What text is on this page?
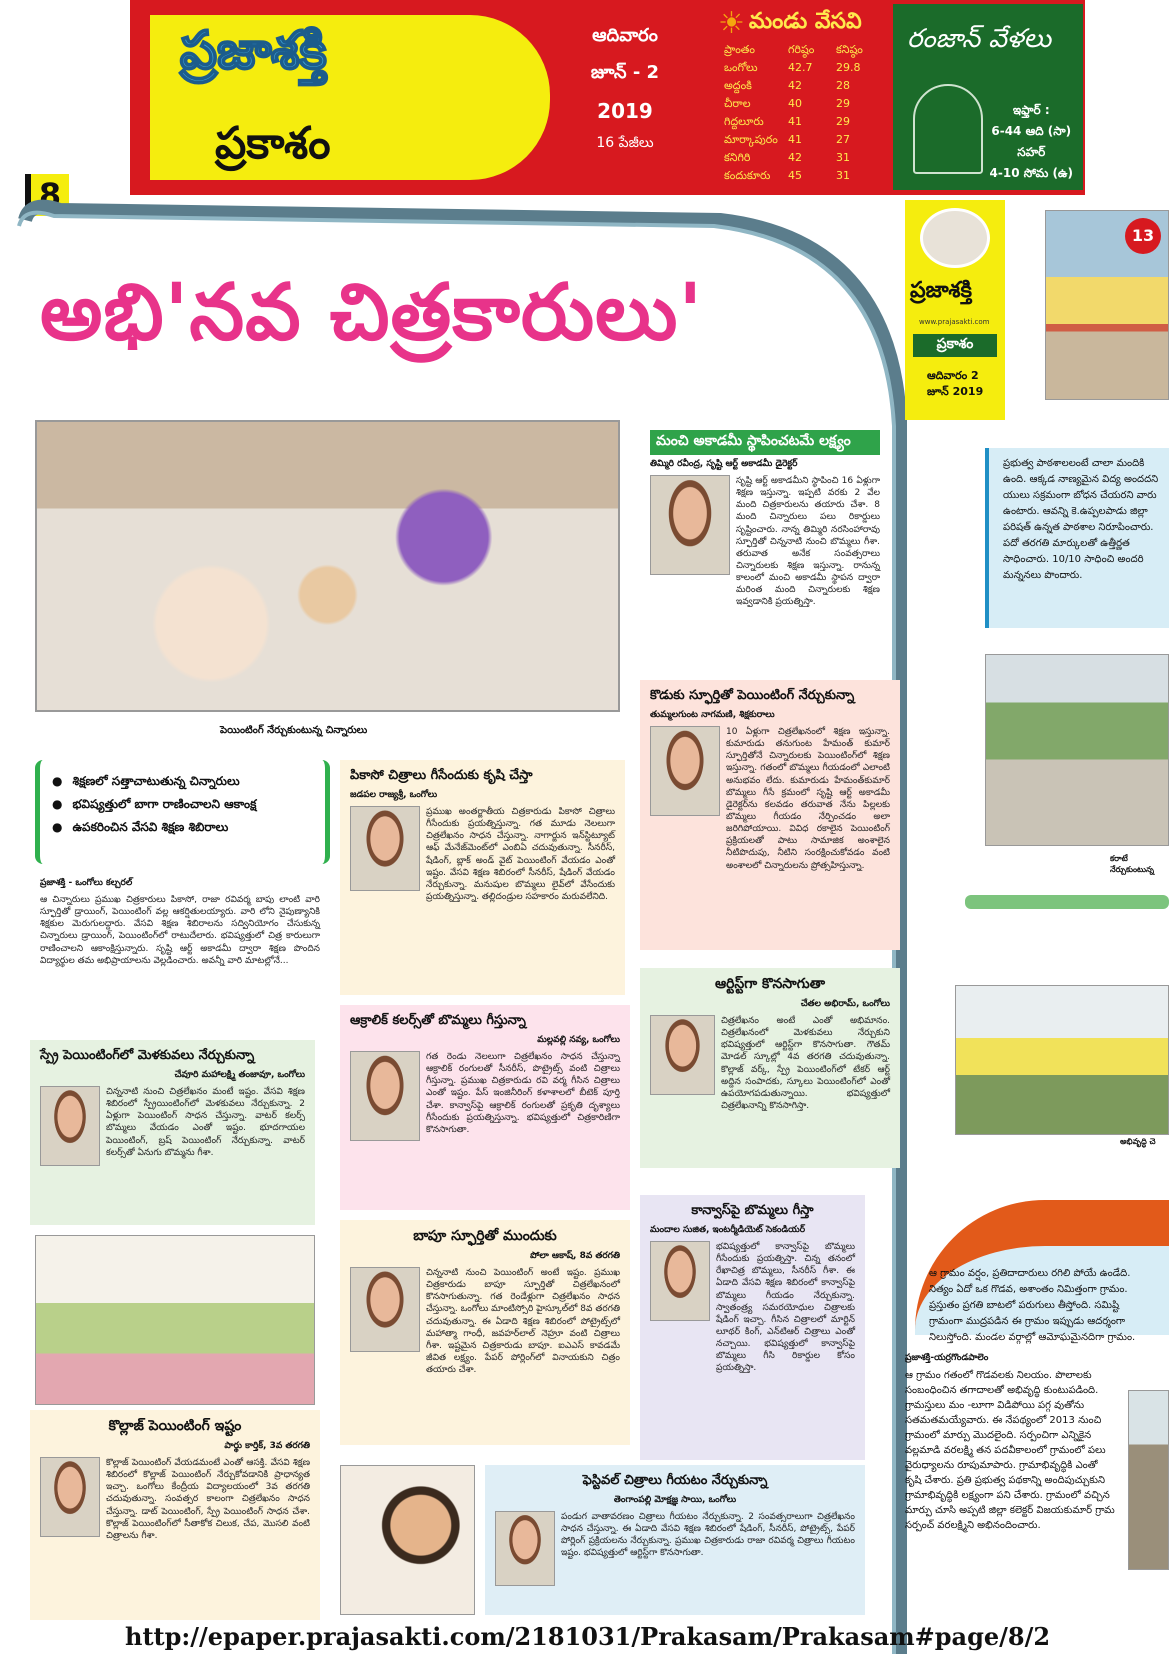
ప్రజాశక్తి
ప్రకాశం
ఆదివారం
జూన్ - 2
2019
16 పేజీలు
☀ మండు వేసవి
ప్రాంతం	గరిష్ఠం	కనిష్ఠం
ఒంగోలు	42.7	29.8
అద్దంకి	42	28
చీరాల	40	29
గిద్దలూరు	41	29
మార్కాపురం 41	27
కనిగిరి	42	31
కందుకూరు	45	31
రంజాన్ వేళలు
ఇఫ్తార్ :
6-44 ఆది (సా)
సహర్
4-10 సోమ (ఉ)
8
అభి'నవ చిత్రకారులు'	ప్రజాశక్తి
www.prajasakti.com
ప్రకాశం
ఆదివారం 2
జూన్ 2019
13
ప్రభుత్వ పాఠశాలలంటే చాలా మందికి ఉంది. ఆక్కడ నాణ్యమైన విద్య అందదని యులు సక్రమంగా బోధన చేయరని వారు ఉంటారు. ఆవన్ని కె.ఉప్పలపాడు జిల్లా పరిషత్ ఉన్నత పాఠశాల నిరూపించారు. పదో తరగతి మార్కులతో ఉత్తీర్ణత సాధించారు. 10/10 సాధించి అందరి మన్ననలు పొందారు.
కరాటే నేర్చుకుంటున్న
అభివృద్ధి చె
ఆ గ్రామం వర్షం, ప్రతిదాదారులు రగిలి పోయే ఉండేది. నిత్యం ఏదో ఒక గొడవ, అశాంతం నిమిత్తంగా గ్రామం. ప్రస్తుతం ప్రగతి బాటలో పరుగులు తీస్తోంది. సమిష్టి గ్రామంగా ముద్రపడిన ఈ గ్రామం ఇప్పుడు ఆదర్శంగా నిలుస్తోంది. మండల వర్గాల్లో ఆమోఘమైనదిగా గ్రామం.
ప్రజాశక్తి-యర్రగొండపాలెం
ఆ గ్రామం గతంలో గొడవలకు నిలయం. పొలాలకు సంబంధించిన తగాదాలతో అభివృద్ధి కుంటుపడింది. గ్రామస్తులు మం -లూగా విడిపోయి పగ్గ వుతోను సతమతమయ్యేవారు. ఈ నేపథ్యంలో 2013 నుంచి గ్రామంలో మార్పు మొదలైంది. సర్పంచిగా ఎన్నికైన వల్లమాడి వరలక్ష్మి తన పదవీకాలంలో గ్రామంలో పలు వైరుధ్యాలను రూపుమాపారు. గ్రామాభివృద్ధికి ఎంతో కృషి చేశారు. ప్రతి ప్రభుత్వ పథకాన్ని అందిపుచ్చుకుని గ్రామాభివృద్ధికి లక్ష్యంగా పని చేశారు. గ్రామంలో వచ్చిన మార్పు చూసి అప్పటి జిల్లా కలెక్టర్ విజయకుమార్ గ్రామ సర్పంచ్ వరలక్ష్మిని అభినందించారు.
పెయింటింగ్ నేర్చుకుంటున్న చిన్నారులు
మంచి అకాడమీ స్థాపించటమే లక్ష్యం
తిమ్మిరి రవీంద్ర, సృష్టి ఆర్ట్ అకాడమీ డైరెక్టర్
సృష్టి ఆర్ట్ అకాడమీని స్థాపించి 16 ఏళ్లుగా శిక్షణ ఇస్తున్నా. ఇప్పటి వరకు 2 వేల మంది చిత్రకారులను తయారు చేశా. 8 మంది చిన్నారులు పలు రికార్డులు సృష్టించారు. నాన్న తిమ్మిరి నరసింహారావు స్ఫూర్తితో చిన్ననాటి నుంచి బొమ్మలు గీశా. తరువాత అనేక సంవత్సరాలు చిన్నారులకు శిక్షణ ఇస్తున్నా. రానున్న కాలంలో మంచి అకాడమీ స్థాపన ద్వారా మరింత మంది చిన్నారులకు శిక్షణ ఇవ్వడానికి ప్రయత్నిస్తా.
కొడుకు స్ఫూర్తితో పెయింటింగ్ నేర్చుకున్నా
తుమ్మలగుంట నాగమణి, శిక్షకురాలు
10 ఏళ్లుగా చిత్రలేఖనంలో శిక్షణ ఇస్తున్నా. కుమారుడు తనుగుంట హేమంత్ కుమార్ స్ఫూర్తితోనే చిన్నారులకు పెయింటింగ్‌లో శిక్షణ ఇస్తున్నా. గతంలో బొమ్మలు గీయడంలో ఎలాంటి అనుభవం లేదు. కుమారుడు హేమంత్‌కుమార్ బొమ్మలు గీసే క్రమంలో సృష్టి ఆర్ట్ అకాడమీ డైరెక్టర్‌ను కలవడం తరువాత నేను పిల్లలకు బొమ్మలు గీయడం నేర్పించడం అలా జరిగిపోయాయి. వివిధ రకాలైన పెయింటింగ్ ప్రక్రియలతో పాటు సామాజిక అంశాలైన నీటిపొదుపు, నీటిని సంరక్షించుకోవడం వంటి అంశాలలో చిన్నారులను ప్రోత్సహిస్తున్నా.
● శిక్షణలో సత్తాచాటుతున్న చిన్నారులు
● భవిష్యత్తులో బాగా రాణించాలని ఆకాంక్ష
● ఉపకరించిన వేసవి శిక్షణ శిబిరాలు
ప్రజాశక్తి - ఒంగోలు కల్చరల్
ఆ చిన్నారులు ప్రముఖ చిత్రకారులు పికాసో, రాజా రవివర్మ బాపు లాంటి వారి స్ఫూర్తితో డ్రాయింగ్, పెయింటింగ్ వల్ల ఆకర్షితులయ్యారు. వారి లోని నైపుణ్యానికి శిక్షకుల మెరుగులద్దారు. వేసవి శిక్షణ శిబిరాలను సద్వినియోగం చేసుకున్న చిన్నారులు డ్రాయింగ్, పెయింటింగ్‌లో రాటుదేలారు. భవిష్యత్తులో చిత్ర కారులుగా రాణించాలని ఆకాంక్షిస్తున్నారు. సృష్టి ఆర్ట్ అకాడమీ ద్వారా శిక్షణ పొందిన విద్యార్థుల తమ అభిప్రాయాలను వెల్లడించారు. అవన్నీ వారి మాటల్లోనే...
పికాసో చిత్రాలు గీసేందుకు కృషి చేస్తా
జడపల రాజ్యశ్రీ, ఒంగోలు
ప్రముఖ అంతర్జాతీయ చిత్రకారుడు పికాసో చిత్రాలు గీసేందుకు ప్రయత్నిస్తున్నా. గత మూడు నెలలుగా చిత్రలేఖనం సాధన చేస్తున్నా. నాగార్జున ఇన్‌స్టిట్యూట్ ఆఫ్ మేనేజ్‌మెంట్‌లో ఎంబిఏ చదువుతున్నా. సీనరీస్, షేడింగ్, బ్లాక్ అండ్ వైట్ పెయింటింగ్ వేయడం ఎంతో ఇష్టం. వేసవి శిక్షణ శిబిరంలో సీనరీస్, షేడింగ్ వేయడం నేర్చుకున్నా. మనుషుల బొమ్మలు లైవ్‌లో వేసేందుకు ప్రయత్నిస్తున్నా. తల్లిదండ్రుల సహకారం మరువలేనిది.
ఆర్టిస్ట్‌గా కొనసాగుతా
చేతల అభిరామ్, ఒంగోలు
చిత్రలేఖనం అంటే ఎంతో అభిమానం. చిత్రలేఖనంలో మెళకువలు నేర్చుకుని భవిష్యత్తులో ఆర్టిస్ట్‌గా కొనసాగుతా. గౌతమ్ మోడల్ స్కూల్లో 4వ తరగతి చదువుతున్నా. కొల్లాజ్ వర్క్, స్ప్రే పెయింటింగ్‌లో టేకర్ ఆర్ట్ అద్దిన సంపాదకు, స్కూలు పెయింటింగ్‌లో ఎంతో ఉపయోగపడుతున్నాయి. భవిష్యత్తులో చిత్రలేఖనాన్ని కొనసాగిస్తా.
ఆక్రాలిక్ కలర్స్‌తో బొమ్మలు గీస్తున్నా
మల్లవల్లి నవ్య, ఒంగోలు
గత రెండు నెలలుగా చిత్రలేఖనం సాధన చేస్తున్నా ఆక్రాలిక్ రంగులతో సీనరీస్, పొట్రైట్స్ వంటి చిత్రాలు గీస్తున్నా. ప్రముఖ చిత్రకారుడు రవి వర్మ గీసిన చిత్రాలు ఎంతో ఇష్టం. పేస్ ఇంజినీరింగ్ కళాశాలలో బీటెక్ పూర్తి చేశా. కాన్వాస్‌పై ఆక్రాలిక్ రంగులతో ప్రకృతి దృశ్యాలు గీసేందుకు ప్రయత్నిస్తున్నా. భవిష్యత్తులో చిత్రకారిణిగా కొనసాగుతా.
స్ప్రే పెయింటింగ్‌లో మెళకువలు నేర్చుకున్నా
చేవూరి మహాలక్ష్మి తంజావూ, ఒంగోలు
చిన్ననాటి నుంచి చిత్రలేఖనం మంటే ఇష్టం. వేసవి శిక్షణ శిబిరంలో స్ప్రేయింటింగ్‌లో మెళకువలు నేర్చుకున్నా. 2 ఏళ్లుగా పెయింటింగ్ సాధన చేస్తున్నా. వాటర్ కలర్స్ బొమ్మలు వేయడం ఎంతో ఇష్టం. భూదగాయల పెయింటింగ్, బ్రష్ పెయింటింగ్ నేర్చుకున్నా. వాటర్ కలర్స్‌తో ఏనుగు బొమ్మను గీశా.
బాపూ స్ఫూర్తితో ముందుకు
పోలా ఆకాష్, 8వ తరగతి
చిన్ననాటి నుంచి పెయింటింగ్ అంటే ఇష్టం. ప్రముఖ చిత్రకారుడు బాపూ స్ఫూర్తితో చిత్రలేఖనంలో కొనసాగుతున్నా. గత రెండేళ్లుగా చిత్రలేఖనం సాధన చేస్తున్నా. ఒంగోలు మాంటిస్సోరి హైస్కూల్‌లో 8వ తరగతి చదువుతున్నా. ఈ ఏడాది శిక్షణ శిబిరంలో పోట్రైట్స్‌లో మహాత్మా గాంధీ, జవహర్‌లాల్ నెహ్రూ వంటి చిత్రాలు గీశా. ఇష్టమైన చిత్రకారుడు బాపూ. ఐఎఎస్ కావడమే జీవిత లక్ష్యం. పేపర్ పోర్లింగ్‌లో వినాయకుని చిత్రం తయారు చేశా.
కాన్వాస్‌పై బొమ్మలు గీస్తా
మందాల సుజిత, ఇంటర్మీడియెట్ సెకండియర్
భవిష్యత్తులో కాన్వాస్‌పై బొమ్మలు గీసేందుకు ప్రయత్నిస్తా. చిన్న తనంలో రేఖాచిత్ర బొమ్మలు, సీనరీస్ గీశా. ఈ ఏడాది వేసవి శిక్షణ శిబిరంలో కాన్వాస్‌పై బొమ్మలు గీయడం నేర్చుకున్నా. స్వాతంత్ర్య సమరయోధుల చిత్రాలకు షేడింగ్ ఇచ్చా. గీసిన చిత్రాలలో మార్టిన్ లూథర్ కింగ్, ఎన్‌టిఆర్ చిత్రాలు ఎంతో నచ్చాయి. భవిష్యత్తులో కాన్వాస్‌పై బొమ్మలు గీసి రికార్డుల కోసం ప్రయత్నిస్తా.
కొల్లాజ్ పెయింటింగ్ ఇష్టం
పార్థు కార్తిక్, 3వ తరగతి
కొల్లాజ్ పెయింటింగ్ వేయడమంటే ఎంతో ఆసక్తి. వేసవి శిక్షణ శిబిరంలో కొల్లాజ్ పెయింటింగ్ నేర్చుకోవడానికి ప్రాధాన్యత ఇచ్చా. ఒంగోలు కేంద్రీయ విద్యాలయంలో 3వ తరగతి చదువుతున్నా. సంవత్సర కాలంగా చిత్రలేఖనం సాధన చేస్తున్నా. డాట్ పెయింటింగ్, స్ప్రే పెయింటింగ్ సాధన చేశా. కొల్లాజ్ పెయింటింగ్‌లో సీతాకోక చిలుక, చేప, మొసలి వంటి చిత్రాలను గీశా.
ఫెస్టివల్ చిత్రాలు గీయటం నేర్చుకున్నా
తెంగాంపల్లి మోక్షజ్ఞ సాయి, ఒంగోలు
పండుగ వాతావరణం చిత్రాలు గీయటం నేర్చుకున్నా. 2 సంవత్సరాలుగా చిత్రలేఖనం సాధన చేస్తున్నా. ఈ ఏడాది వేసవి శిక్షణ శిబిరంలో షేడింగ్, సీనరీస్, పోట్రైట్స్, పేపర్ పోర్లింగ్ ప్రక్రియలను నేర్చుకున్నా. ప్రముఖ చిత్రకారుడు రాజా రవివర్మ చిత్రాలు గీయటం ఇష్టం. భవిష్యత్తులో ఆర్టిస్ట్‌గా కొనసాగుతా.
http://epaper.prajasakti.com/2181031/Prakasam/Prakasam#page/8/2
